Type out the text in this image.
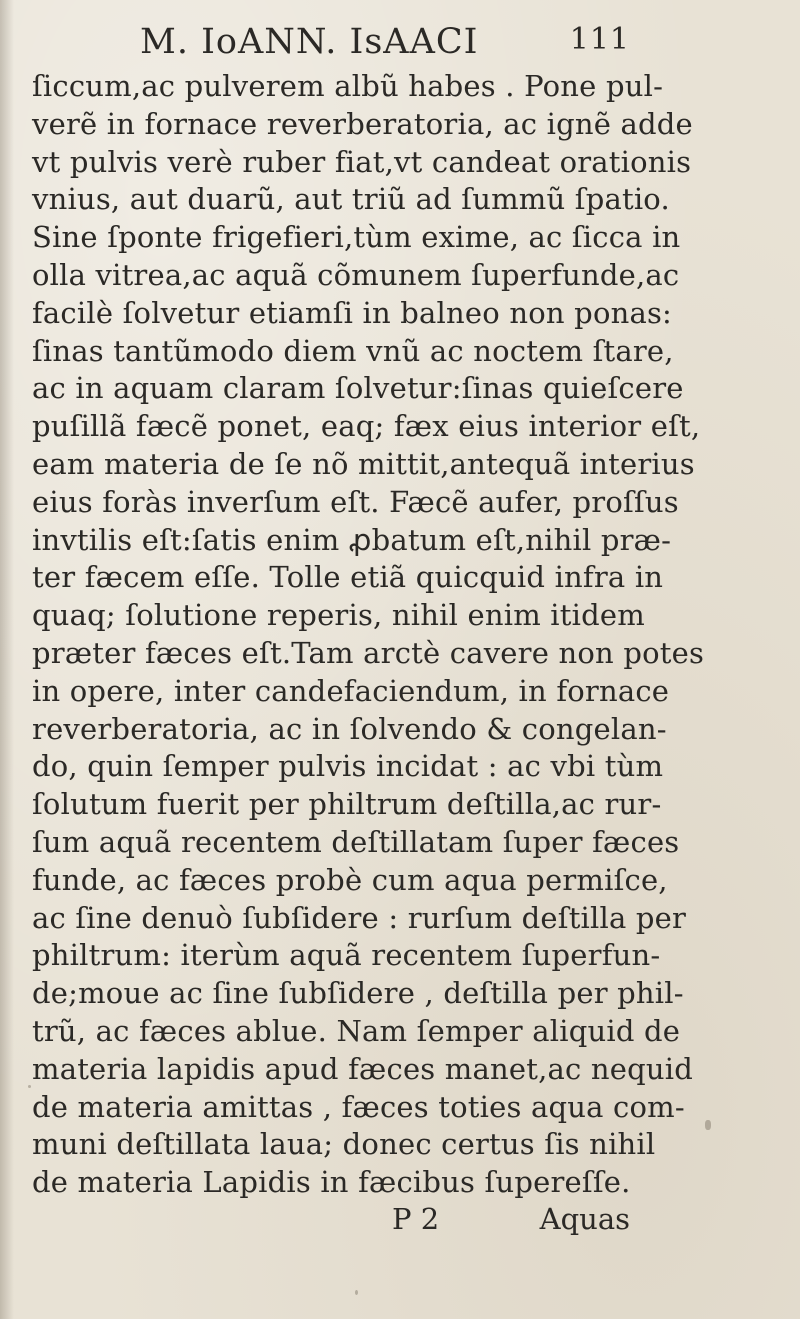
M. IoANN. IsAACI	111
ſiccum,ac pulverem albũ habes . Pone pul-
verẽ in fornace reverberatoria, ac ignẽ adde
vt pulvis verè ruber fiat,vt candeat orationis
vnius, aut duarũ, aut triũ ad ſummũ ſpatio.
Sine ſponte frigefieri,tùm exime, ac ſicca in
olla vitrea,ac aquã cõmunem ſuperfunde,ac
facilè ſolvetur etiamſi in balneo non ponas:
ſinas tantũmodo diem vnũ ac noctem ſtare,
ac in aquam claram ſolvetur:ſinas quieſcere
puſillã fæcẽ ponet, eaq; fæx eius interior eſt,
eam materia de ſe nõ mittit,antequã interius
eius foràs inverſum eſt. Fæcẽ aufer, proſſus
invtilis eſt:ſatis enim ꝓbatum eſt,nihil præ-
ter fæcem eſſe. Tolle etiã quicquid infra in
quaq; ſolutione reperis, nihil enim itidem
præter fæces eſt.Tam arctè cavere non potes
in opere, inter candefaciendum, in fornace
reverberatoria, ac in ſolvendo & congelan-
do, quin ſemper pulvis incidat : ac vbi tùm
ſolutum fuerit per philtrum deſtilla,ac rur-
ſum aquã recentem deſtillatam ſuper fæces
funde, ac fæces probè cum aqua permiſce,
ac ſine denuò ſubſidere : rurſum deſtilla per
philtrum: iterùm aquã recentem ſuperfun-
de;moue ac ſine ſubſidere , deſtilla per phil-
trũ, ac fæces ablue. Nam ſemper aliquid de
materia lapidis apud fæces manet,ac nequid
de materia amittas , fæces toties aqua com-
muni deſtillata laua; donec certus ſis nihil
de materia Lapidis in fæcibus ſupereſſe.
P 2	Aquas
